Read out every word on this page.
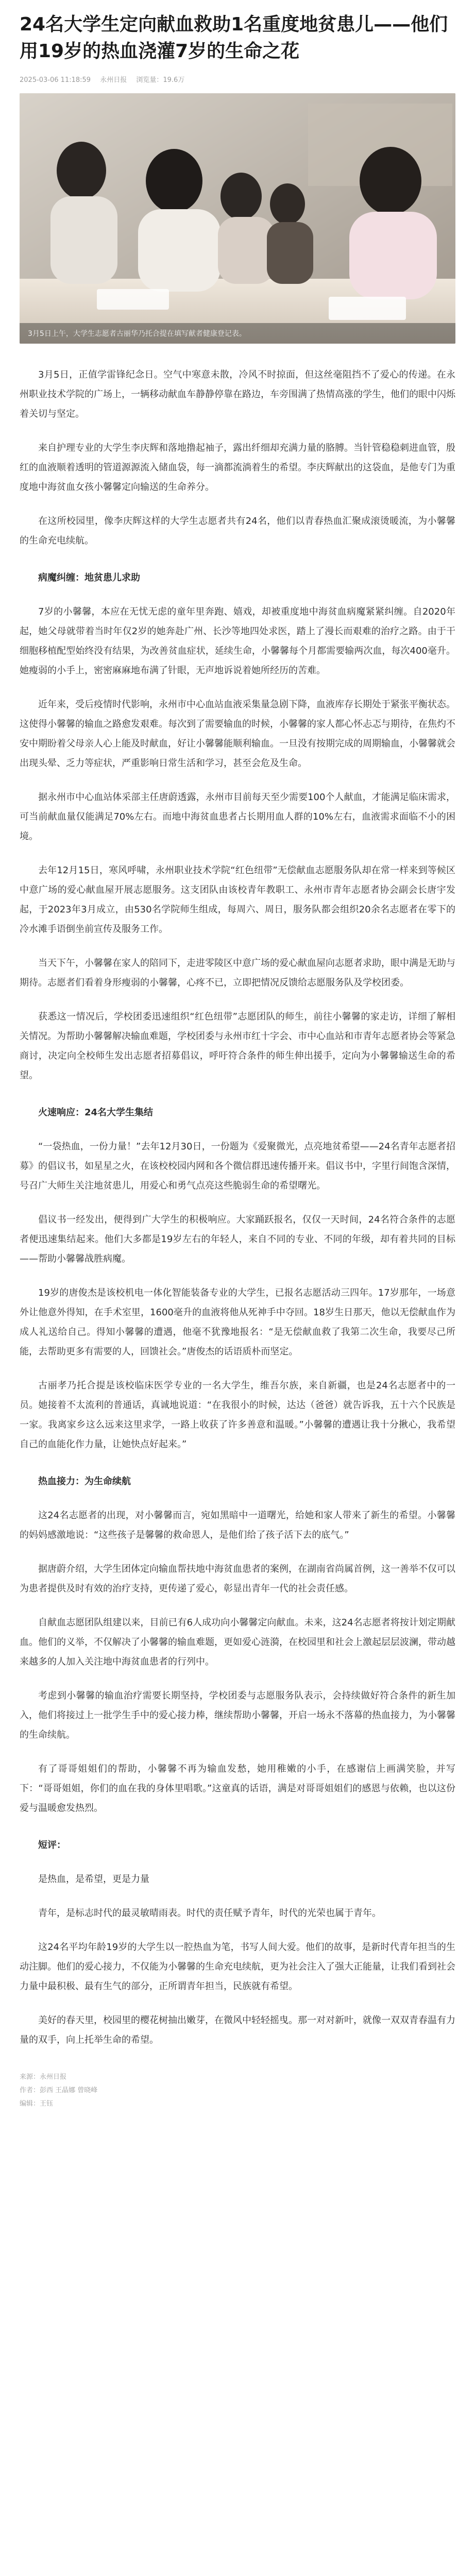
24名大学生定向献血救助1名重度地贫患儿——他们用19岁的热血浇灌7岁的生命之花
2025-03-06 11:18:59 永州日报 浏览量：19.6万
3月5日上午，大学生志愿者古丽华乃托合提在填写献者健康登记表。

3月5日，正值学雷锋纪念日。空气中寒意未散，冷风不时掠面，但这丝毫阻挡不了爱心的传递。在永州职业技术学院的广场上，一辆移动献血车静静停靠在路边，车旁围满了热情高涨的学生，他们的眼中闪烁着关切与坚定。

来自护理专业的大学生李庆辉和落地撸起袖子，露出纤细却充满力量的胳膊。当针管稳稳刺进血管，殷红的血液顺着透明的管道源源流入储血袋，每一滴都流淌着生的希望。李庆辉献出的这袋血，是他专门为重度地中海贫血女孩小馨馨定向输送的生命养分。

在这所校园里，像李庆辉这样的大学生志愿者共有24名，他们以青春热血汇聚成滚烫暖流，为小馨馨的生命充电续航。

病魔纠缠：地贫患儿求助

7岁的小馨馨，本应在无忧无虑的童年里奔跑、嬉戏，却被重度地中海贫血病魔紧紧纠缠。自2020年起，她父母就带着当时年仅2岁的她奔赴广州、长沙等地四处求医，踏上了漫长而艰难的治疗之路。由于干细胞移植配型始终没有结果，为改善贫血症状，延续生命，小馨馨每个月都需要输两次血，每次400毫升。她瘦弱的小手上，密密麻麻地布满了针眼，无声地诉说着她所经历的苦难。

近年来，受后疫情时代影响，永州市中心血站血液采集量急剧下降，血液库存长期处于紧张平衡状态。这使得小馨馨的输血之路愈发艰难。每次到了需要输血的时候，小馨馨的家人都心怀忐忑与期待，在焦灼不安中期盼着父母亲人心上能及时献血，好让小馨馨能顺利输血。一旦没有按期完成的周期输血，小馨馨就会出现头晕、乏力等症状，严重影响日常生活和学习，甚至会危及生命。

据永州市中心血站体采部主任唐蔚透露，永州市目前每天至少需要100个人献血，才能满足临床需求，可当前献血量仅能满足70%左右。而地中海贫血患者占长期用血人群的10%左右，血液需求面临不小的困境。

去年12月15日，寒风呼啸，永州职业技术学院“红色纽带”无偿献血志愿服务队却在常一样来到等候区中意广场的爱心献血屋开展志愿服务。这支团队由该校青年教职工、永州市青年志愿者协会副会长唐宇发起，于2023年3月成立，由530名学院师生组成，每周六、周日，服务队都会组织20余名志愿者在零下的冷水滩手语倒坐前宣传及服务工作。

当天下午，小馨馨在家人的陪同下，走进零陵区中意广场的爱心献血屋向志愿者求助，眼中满是无助与期待。志愿者们看着身形瘦弱的小馨馨，心疼不已，立即把情况反馈给志愿服务队及学校团委。

获悉这一情况后，学校团委迅速组织“红色纽带”志愿团队的师生，前往小馨馨的家走访，详细了解相关情况。为帮助小馨馨解决输血难题，学校团委与永州市红十字会、市中心血站和市青年志愿者协会等紧急商讨，决定向全校师生发出志愿者招募倡议，呼吁符合条件的师生伸出援手，定向为小馨馨输送生命的希望。

火速响应：24名大学生集结

“一袋热血，一份力量！”去年12月30日，一份题为《爱聚微光，点亮地贫希望——24名青年志愿者招募》的倡议书，如星星之火，在该校校园内网和各个微信群迅速传播开来。倡议书中，字里行间饱含深情，号召广大师生关注地贫患儿，用爱心和勇气点亮这些脆弱生命的希望曙光。

倡议书一经发出，便得到广大学生的积极响应。大家踊跃报名，仅仅一天时间，24名符合条件的志愿者便迅速集结起来。他们大多都是19岁左右的年轻人，来自不同的专业、不同的年级，却有着共同的目标——帮助小馨馨战胜病魔。

19岁的唐俊杰是该校机电一体化智能装备专业的大学生，已报名志愿活动三四年。17岁那年，一场意外让他意外得知，在手术室里，1600毫升的血液将他从死神手中夺回。18岁生日那天，他以无偿献血作为成人礼送给自己。得知小馨馨的遭遇，他毫不犹豫地报名：“是无偿献血救了我第二次生命，我要尽己所能，去帮助更多有需要的人，回馈社会。”唐俊杰的话语质朴而坚定。

古丽孝乃托合提是该校临床医学专业的一名大学生，维吾尔族，来自新疆，也是24名志愿者中的一员。她接着不太流利的普通话，真诚地说道：“在我很小的时候，达达（爸爸）就告诉我，五十六个民族是一家。我离家乡这么远来这里求学，一路上收获了许多善意和温暖。”小馨馨的遭遇让我十分揪心，我希望自己的血能化作力量，让她快点好起来。”

热血接力：为生命续航

这24名志愿者的出现，对小馨馨而言，宛如黑暗中一道曙光，给她和家人带来了新生的希望。小馨馨的妈妈感激地说：“这些孩子是馨馨的救命恩人，是他们给了孩子活下去的底气。”

据唐蔚介绍，大学生团体定向输血帮扶地中海贫血患者的案例，在湖南省尚属首例，这一善举不仅可以为患者提供及时有效的治疗支持，更传递了爱心，彰显出青年一代的社会责任感。

自献血志愿团队组建以来，目前已有6人成功向小馨馨定向献血。未来，这24名志愿者将按计划定期献血。他们的义举，不仅解决了小馨馨的输血难题，更如爱心涟漪，在校园里和社会上激起层层波澜，带动越来越多的人加入关注地中海贫血患者的行列中。

考虑到小馨馨的输血治疗需要长期坚持，学校团委与志愿服务队表示，会持续做好符合条件的新生加入，他们将接过上一批学生手中的爱心接力棒，继续帮助小馨馨，开启一场永不落幕的热血接力，为小馨馨的生命续航。

有了哥哥姐姐们的帮助，小馨馨不再为输血发愁，她用稚嫩的小手，在感谢信上画满笑脸，并写下：“哥哥姐姐，你们的血在我的身体里唱歌。”这童真的话语，满是对哥哥姐姐们的感恩与依赖，也以这份爱与温暖愈发热烈。

短评：

是热血，是希望，更是力量

青年，是标志时代的最灵敏晴雨表。时代的责任赋予青年，时代的光荣也属于青年。

这24名平均年龄19岁的大学生以一腔热血为笔，书写人间大爱。他们的故事，是新时代青年担当的生动注脚。他们的爱心接力，不仅能为小馨馨的生命充电续航，更为社会注入了强大正能量，让我们看到社会力量中最积极、最有生气的部分，正所谓青年担当，民族就有希望。

美好的春天里，校园里的樱花树抽出嫩芽，在微风中轻轻摇曳。那一对对新叶，就像一双双青春温有力量的双手，向上托举生命的希望。

来源：永州日报
作者：彭西 王晶娜 曾晓峰
编辑：王钰
